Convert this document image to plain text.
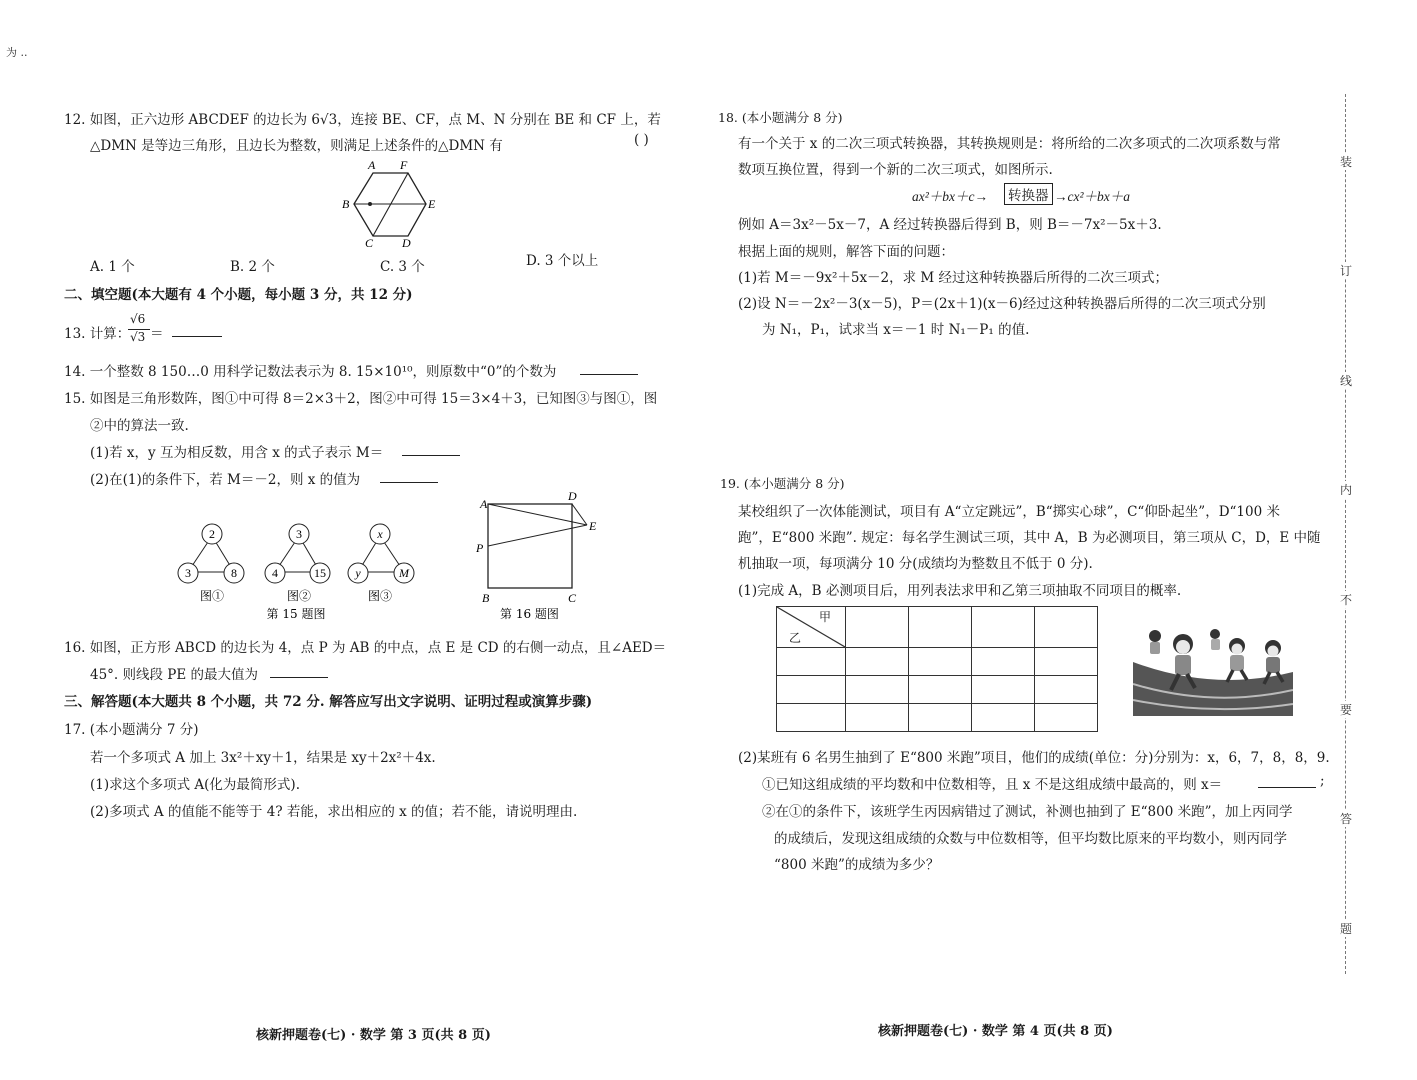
为 ..
12. 如图，正六边形 ABCDEF 的边长为 6√3，连接 BE、CF，点 M、N 分别在 BE 和 CF 上，若
△DMN 是等边三角形，且边长为整数，则满足上述条件的△DMN 有	( )
A F
B	E
C D
A. 1 个	B. 2 个	C. 3 个	D. 3 个以上
二、填空题(本大题有 4 个小题，每小题 3 分，共 12 分)
13. 计算：
√6
√3 ＝
14. 一个整数 8 150…0 用科学记数法表示为 8. 15×10¹⁰，则原数中“0”的个数为
15. 如图是三角形数阵，图①中可得 8＝2×3＋2，图②中可得 15＝3×4＋3，已知图③与图①，图
②中的算法一致.
(1)若 x，y 互为相反数，用含 x 的式子表示 M＝
(2)在(1)的条件下，若 M＝－2，则 x 的值为
2
3	8
图①
3
4	15
图②
x
y	M
图③
第 15 题图
A
D
E
P
B	C
第 16 题图
16. 如图，正方形 ABCD 的边长为 4，点 P 为 AB 的中点，点 E 是 CD 的右侧一动点，且∠AED＝
45°. 则线段 PE 的最大值为
三、解答题(本大题共 8 个小题，共 72 分. 解答应写出文字说明、证明过程或演算步骤)
17. (本小题满分 7 分)
若一个多项式 A 加上 3x²＋xy＋1，结果是 xy＋2x²＋4x.
(1)求这个多项式 A(化为最简形式).
(2)多项式 A 的值能不能等于 4? 若能，求出相应的 x 的值；若不能，请说明理由.
核新押题卷(七) · 数学 第 3 页(共 8 页)
18. (本小题满分 8 分)
有一个关于 x 的二次三项式转换器，其转换规则是：将所给的二次多项式的二次项系数与常
数项互换位置，得到一个新的二次三项式，如图所示.
ax²＋bx＋c→ 转换器 →cx²＋bx＋a
例如 A＝3x²－5x－7，A 经过转换器后得到 B，则 B＝－7x²－5x＋3.
根据上面的规则，解答下面的问题：
(1)若 M＝－9x²＋5x－2，求 M 经过这种转换器后所得的二次三项式；
(2)设 N＝－2x²－3(x－5)，P＝(2x＋1)(x－6)经过这种转换器后所得的二次三项式分别
为 N₁，P₁，试求当 x＝－1 时 N₁－P₁ 的值.
19. (本小题满分 8 分)
某校组织了一次体能测试，项目有 A“立定跳远”，B“掷实心球”，C“仰卧起坐”，D“100 米
跑”，E“800 米跑”. 规定：每名学生测试三项，其中 A，B 为必测项目，第三项从 C，D，E 中随
机抽取一项，每项满分 10 分(成绩均为整数且不低于 0 分).
(1)完成 A，B 必测项目后，用列表法求甲和乙第三项抽取不同项目的概率.
甲
乙				

(2)某班有 6 名男生抽到了 E“800 米跑”项目，他们的成绩(单位：分)分别为：x，6，7，8，8，9.
①已知这组成绩的平均数和中位数相等，且 x 不是这组成绩中最高的，则 x＝	;
②在①的条件下，该班学生丙因病错过了测试，补测也抽到了 E“800 米跑”，加上丙同学
的成绩后，发现这组成绩的众数与中位数相等，但平均数比原来的平均数小，则丙同学
“800 米跑”的成绩为多少？
核新押题卷(七) · 数学 第 4 页(共 8 页)
装
订
线
内
不
要
答
题
